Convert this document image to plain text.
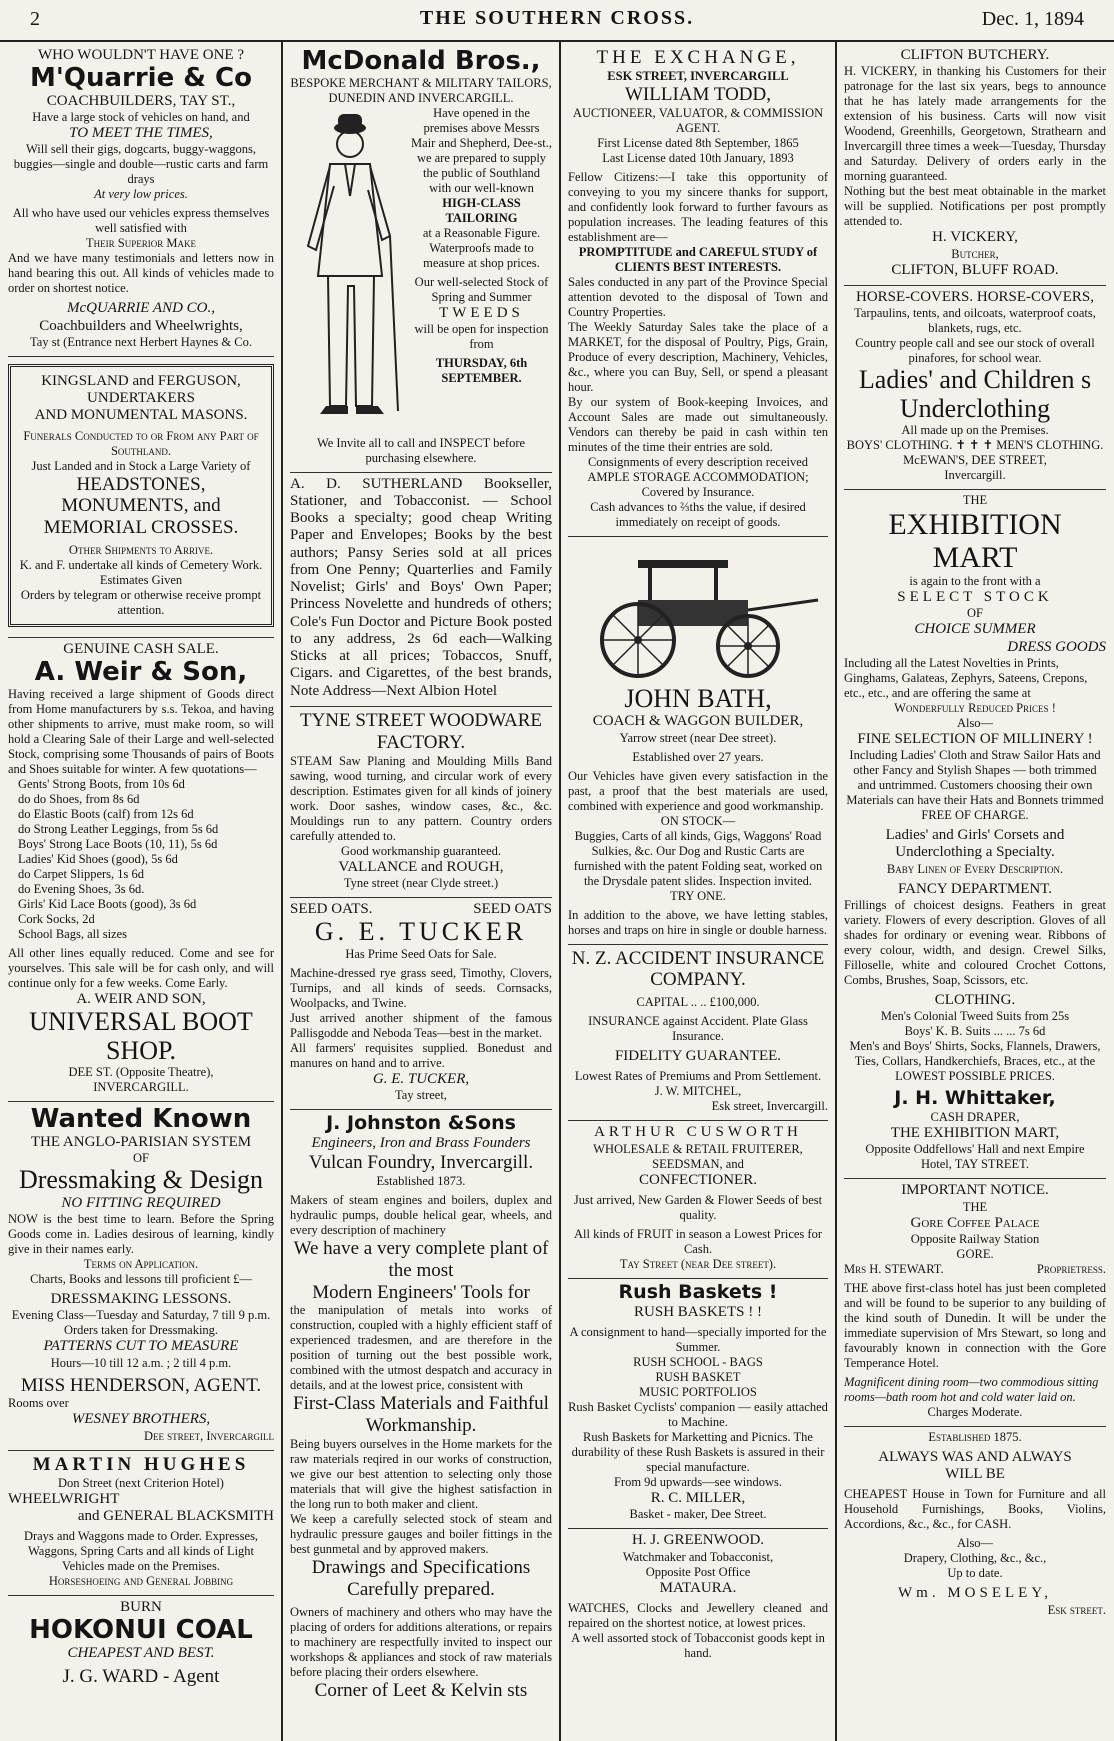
2	THE SOUTHERN CROSS.	Dec. 1, 1894

WHO WOULDN'T HAVE ONE ?

M'Quarrie & Co

COACHBUILDERS, TAY ST.,

Have a large stock of vehicles on hand, and

TO MEET THE TIMES,

Will sell their gigs, dogcarts, buggy-waggons, buggies—single and double—rustic carts and farm drays

At very low prices.

All who have used our vehicles express themselves well satisfied with

Their Superior Make

And we have many testimonials and letters now in hand bearing this out. All kinds of vehicles made to order on shortest notice.

McQUARRIE AND CO.,

Coachbuilders and Wheelwrights,

Tay st (Entrance next Herbert Haynes & Co.

KINGSLAND and FERGUSON,

UNDERTAKERS

AND MONUMENTAL MASONS.

Funerals Conducted to or From any Part of Southland.

Just Landed and in Stock a Large Variety of

HEADSTONES,

MONUMENTS, and MEMORIAL CROSSES.

Other Shipments to Arrive.

K. and F. undertake all kinds of Cemetery Work. Estimates Given

Orders by telegram or otherwise receive prompt attention.

GENUINE CASH SALE.

A. Weir & Son,

Having received a large shipment of Goods direct from Home manufacturers by s.s. Tekoa, and having other shipments to arrive, must make room, so will hold a Clearing Sale of their Large and well-selected Stock, comprising some Thousands of pairs of Boots and Shoes suitable for winter. A few quotations—

Gents' Strong Boots, from 10s 6d

do do Shoes, from 8s 6d

do Elastic Boots (calf) from 12s 6d

do Strong Leather Leggings, from 5s 6d

Boys' Strong Lace Boots (10, 11), 5s 6d

Ladies' Kid Shoes (good), 5s 6d

do Carpet Slippers, 1s 6d

do Evening Shoes, 3s 6d.

Girls' Kid Lace Boots (good), 3s 6d

Cork Socks, 2d

School Bags, all sizes

All other lines equally reduced. Come and see for yourselves. This sale will be for cash only, and will continue only for a few weeks. Come Early.

A. WEIR AND SON,

UNIVERSAL BOOT SHOP.

DEE ST. (Opposite Theatre),

INVERCARGILL.

Wanted Known

THE ANGLO-PARISIAN SYSTEM

OF

Dressmaking & Design

NO FITTING REQUIRED

NOW is the best time to learn. Before the Spring Goods come in. Ladies desirous of learning, kindly give in their names early.

Terms on Application.

Charts, Books and lessons till proficient £—

DRESSMAKING LESSONS.

Evening Class—Tuesday and Saturday, 7 till 9 p.m.

Orders taken for Dressmaking.

PATTERNS CUT TO MEASURE

Hours—10 till 12 a.m. ; 2 till 4 p.m.

MISS HENDERSON, AGENT.

Rooms over

WESNEY BROTHERS,

Dee street, Invercargill

MARTIN HUGHES

Don Street (next Criterion Hotel)

WHEELWRIGHT

and GENERAL BLACKSMITH

Drays and Waggons made to Order. Expresses, Waggons, Spring Carts and all kinds of Light Vehicles made on the Premises.

Horseshoeing and General Jobbing

BURN

HOKONUI COAL

CHEAPEST AND BEST.

J. G. WARD - Agent

McDonald Bros.,

BESPOKE MERCHANT & MILITARY TAILORS,

DUNEDIN AND INVERCARGILL.

Have opened in the premises above Messrs Mair and Shepherd, Dee-st., we are prepared to supply the public of Southland with our well-known

HIGH-CLASS TAILORING

at a Reasonable Figure.

Waterproofs made to measure at shop prices.

Our well-selected Stock of Spring and Summer

TWEEDS

will be open for inspection from

THURSDAY, 6th

SEPTEMBER.

We Invite all to call and INSPECT before purchasing elsewhere.

A. D. SUTHERLAND Bookseller, Stationer, and Tobacconist. — School Books a specialty; good cheap Writing Paper and Envelopes; Books by the best authors; Pansy Series sold at all prices from One Penny; Quarterlies and Family Novelist; Girls' and Boys' Own Paper; Princess Novelette and hundreds of others; Cole's Fun Doctor and Picture Book posted to any address, 2s 6d each—Walking Sticks at all prices; Tobaccos, Snuff, Cigars. and Cigarettes, of the best brands, Note Address—Next Albion Hotel

TYNE STREET WOODWARE FACTORY.

STEAM Saw Planing and Moulding Mills Band sawing, wood turning, and circular work of every description. Estimates given for all kinds of joinery work. Door sashes, window cases, &c., &c. Mouldings run to any pattern. Country orders carefully attended to.

Good workmanship guaranteed.

VALLANCE and ROUGH,

Tyne street (near Clyde street.)

SEED OATS.	SEED OATS

G. E. TUCKER

Has Prime Seed Oats for Sale.

Machine-dressed rye grass seed, Timothy, Clovers, Turnips, and all kinds of seeds. Cornsacks, Woolpacks, and Twine.

Just arrived another shipment of the famous Pallisgodde and Neboda Teas—best in the market.

All farmers' requisites supplied. Bonedust and manures on hand and to arrive.

G. E. TUCKER,

Tay street,

J. Johnston &Sons

Engineers, Iron and Brass Founders

Vulcan Foundry, Invercargill.

Established 1873.

Makers of steam engines and boilers, duplex and hydraulic pumps, double helical gear, wheels, and every description of machinery

We have a very complete plant of the most

Modern Engineers' Tools for

the manipulation of metals into works of construction, coupled with a highly efficient staff of experienced tradesmen, and are therefore in the position of turning out the best possible work, combined with the utmost despatch and accuracy in details, and at the lowest price, consistent with

First-Class Materials and Faithful Workmanship.

Being buyers ourselves in the Home markets for the raw materials reqired in our works of construction, we give our best attention to selecting only those materials that will give the highest satisfaction in the long run to both maker and client.

We keep a carefully selected stock of steam and hydraulic pressure gauges and boiler fittings in the best gunmetal and by approved makers.

Drawings and Specifications Carefully prepared.

Owners of machinery and others who may have the placing of orders for additions alterations, or repairs to machinery are respectfully invited to inspect our workshops & appliances and stock of raw materials before placing their orders elsewhere.

Corner of Leet & Kelvin sts

THE EXCHANGE,

ESK STREET, INVERCARGILL

WILLIAM TODD,

AUCTIONEER, VALUATOR, & COMMISSION AGENT.

First License dated 8th September, 1865

Last License dated 10th January, 1893

Fellow Citizens:—I take this opportunity of conveying to you my sincere thanks for support, and confidently look forward to further favours as population increases. The leading features of this establishment are—

PROMPTITUDE and CAREFUL STUDY of CLIENTS BEST INTERESTS.

Sales conducted in any part of the Province Special attention devoted to the disposal of Town and Country Properties.

The Weekly Saturday Sales take the place of a MARKET, for the disposal of Poultry, Pigs, Grain, Produce of every description, Machinery, Vehicles, &c., where you can Buy, Sell, or spend a pleasant hour.

By our system of Book-keeping Invoices, and Account Sales are made out simultaneously. Vendors can thereby be paid in cash within ten minutes of the time their entries are sold.

Consignments of every description received AMPLE STORAGE ACCOMMODATION;

Covered by Insurance.

Cash advances to ⅔ths the value, if desired immediately on receipt of goods.

JOHN BATH,

COACH & WAGGON BUILDER,

Yarrow street (near Dee street).

Established over 27 years.

Our Vehicles have given every satisfaction in the past, a proof that the best materials are used, combined with experience and good workmanship.

ON STOCK—

Buggies, Carts of all kinds, Gigs, Waggons' Road Sulkies, &c. Our Dog and Rustic Carts are furnished with the patent Folding seat, worked on the Drysdale patent slides. Inspection invited.

TRY ONE.

In addition to the above, we have letting stables, horses and traps on hire in single or double harness.

N. Z. ACCIDENT INSURANCE COMPANY.

CAPITAL .. .. £100,000.

INSURANCE against Accident. Plate Glass Insurance.

FIDELITY GUARANTEE.

Lowest Rates of Premiums and Prom Settlement.

J. W. MITCHEL,

Esk street, Invercargill.

ARTHUR CUSWORTH

WHOLESALE & RETAIL FRUITERER, SEEDSMAN, and

CONFECTIONER.

Just arrived, New Garden & Flower Seeds of best quality.

All kinds of FRUIT in season a Lowest Prices for Cash.

Tay Street (near Dee street).

Rush Baskets !

RUSH BASKETS ! !

A consignment to hand—specially imported for the Summer.

RUSH SCHOOL - BAGS

RUSH BASKET

MUSIC PORTFOLIOS

Rush Basket Cyclists' companion — easily attached to Machine.

Rush Baskets for Marketting and Picnics. The durability of these Rush Baskets is assured in their special manufacture.

From 9d upwards—see windows.

R. C. MILLER,

Basket - maker, Dee Street.

H. J. GREENWOOD.

Watchmaker and Tobacconist,

Opposite Post Office

MATAURA.

WATCHES, Clocks and Jewellery cleaned and repaired on the shortest notice, at lowest prices.

A well assorted stock of Tobacconist goods kept in hand.

CLIFTON BUTCHERY.

H. VICKERY, in thanking his Customers for their patronage for the last six years, begs to announce that he has lately made arrangements for the extension of his business. Carts will now visit Woodend, Greenhills, Georgetown, Strathearn and Invercargill three times a week—Tuesday, Thursday and Saturday. Delivery of orders early in the morning guaranteed.

Nothing but the best meat obtainable in the market will be supplied. Notifications per post promptly attended to.

H. VICKERY,

Butcher,

CLIFTON, BLUFF ROAD.

HORSE-COVERS. HORSE-COVERS,

Tarpaulins, tents, and oilcoats, waterproof coats, blankets, rugs, etc.

Country people call and see our stock of overall pinafores, for school wear.

Ladies' and Children s Underclothing

All made up on the Premises.

BOYS' CLOTHING. ✝ ✝ ✝ MEN'S CLOTHING.

McEWAN'S, DEE STREET,

Invercargill.

THE

EXHIBITION MART

is again to the front with a

SELECT STOCK

OF

CHOICE SUMMER

DRESS GOODS

Including all the Latest Novelties in Prints, Ginghams, Galateas, Zephyrs, Sateens, Crepons, etc., etc., and are offering the same at

Wonderfully Reduced Prices !

Also—

FINE SELECTION OF MILLINERY !

Including Ladies' Cloth and Straw Sailor Hats and other Fancy and Stylish Shapes — both trimmed and untrimmed. Customers choosing their own Materials can have their Hats and Bonnets trimmed

FREE OF CHARGE.

Ladies' and Girls' Corsets and Underclothing a Specialty.

Baby Linen of Every Description.

FANCY DEPARTMENT.

Frillings of choicest designs. Feathers in great variety. Flowers of every description. Gloves of all shades for ordinary or evening wear. Ribbons of every colour, width, and design. Crewel Silks, Filloselle, white and coloured Crochet Cottons, Combs, Brushes, Soap, Scissors, etc.

CLOTHING.

Men's Colonial Tweed Suits from 25s

Boys' K. B. Suits ... ... 7s 6d

Men's and Boys' Shirts, Socks, Flannels, Drawers, Ties, Collars, Handkerchiefs, Braces, etc., at the

LOWEST POSSIBLE PRICES.

J. H. Whittaker,

CASH DRAPER,

THE EXHIBITION MART,

Opposite Oddfellows' Hall and next Empire

Hotel, TAY STREET.

IMPORTANT NOTICE.

THE

Gore Coffee Palace

Opposite Railway Station

GORE.

Mrs H. STEWART.	Proprietress.

THE above first-class hotel has just been completed and will be found to be superior to any building of the kind south of Dunedin. It will be under the immediate supervision of Mrs Stewart, so long and favourably known in connection with the Gore Temperance Hotel.

Magnificent dining room—two commodious sitting rooms—bath room hot and cold water laid on.

Charges Moderate.

Established 1875.

ALWAYS WAS AND ALWAYS

WILL BE

CHEAPEST House in Town for Furniture and all Household Furnishings, Books, Violins, Accordions, &c., &c., for CASH.

Also—

Drapery, Clothing, &c., &c.,

Up to date.

Wm. MOSELEY,

Esk street.
